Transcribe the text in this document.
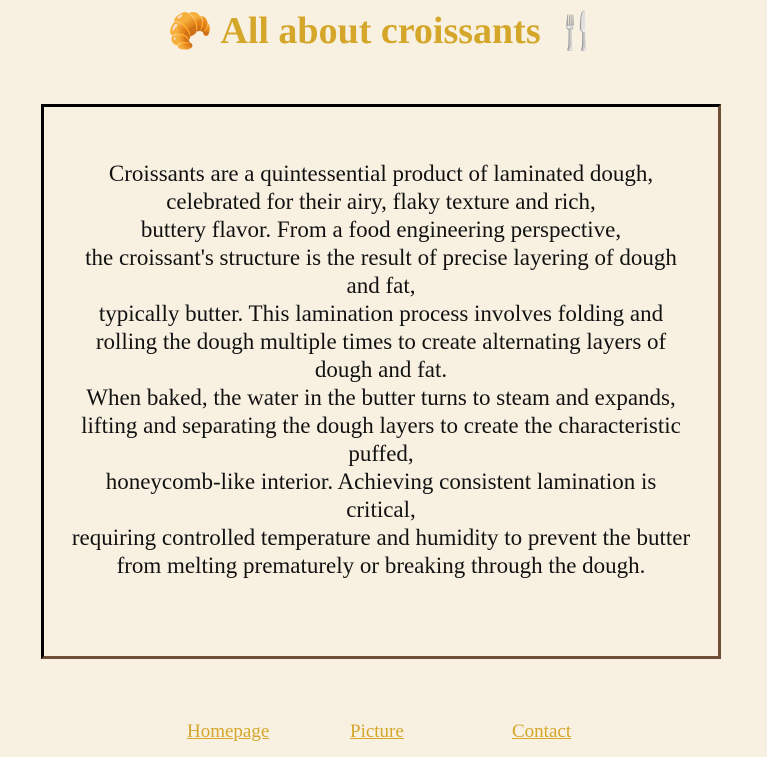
🥐 All about croissants 🍴

Croissants are a quintessential product of laminated dough,
celebrated for their airy, flaky texture and rich,
buttery flavor. From a food engineering perspective,
the croissant's structure is the result of precise layering of dough and fat,
typically butter. This lamination process involves folding and rolling the dough multiple times to create alternating layers of dough and fat.
When baked, the water in the butter turns to steam and expands,
lifting and separating the dough layers to create the characteristic puffed,
honeycomb-like interior. Achieving consistent lamination is critical,
requiring controlled temperature and humidity to prevent the butter from melting prematurely or breaking through the dough.

Homepage	Picture	Contact
